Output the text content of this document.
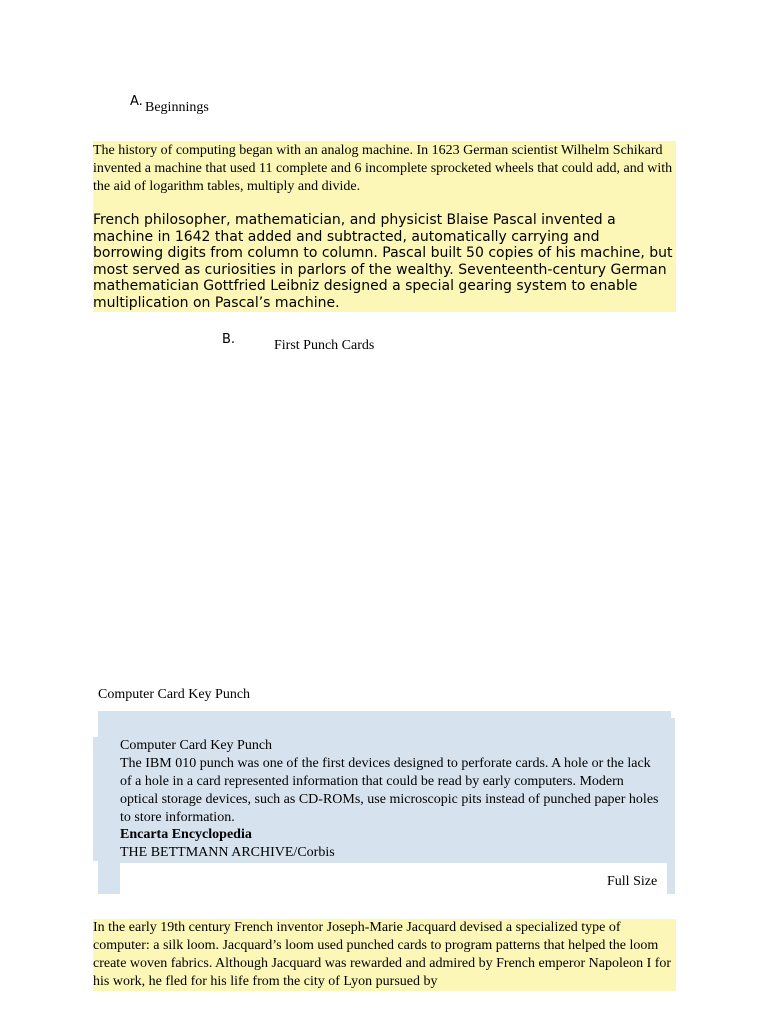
A. Beginnings
The history of computing began with an analog machine. In 1623 German scientist Wilhelm Schikard invented a machine that used 11 complete and 6 incomplete sprocketed wheels that could add, and with the aid of logarithm tables, multiply and divide.
French philosopher, mathematician, and physicist Blaise Pascal invented a machine in 1642 that added and subtracted, automatically carrying and borrowing digits from column to column. Pascal built 50 copies of his machine, but most served as curiosities in parlors of the wealthy. Seventeenth-century German mathematician Gottfried Leibniz designed a special gearing system to enable multiplication on Pascal’s machine.
B.	First Punch Cards
Computer Card Key Punch
Computer Card Key Punch
The IBM 010 punch was one of the first devices designed to perforate cards. A hole or the lack of a hole in a card represented information that could be read by early computers. Modern optical storage devices, such as CD-ROMs, use microscopic pits instead of punched paper holes to store information.
Encarta Encyclopedia
THE BETTMANN ARCHIVE/Corbis
Full Size
In the early 19th century French inventor Joseph-Marie Jacquard devised a specialized type of computer: a silk loom. Jacquard’s loom used punched cards to program patterns that helped the loom create woven fabrics. Although Jacquard was rewarded and admired by French emperor Napoleon I for his work, he fled for his life from the city of Lyon pursued by
